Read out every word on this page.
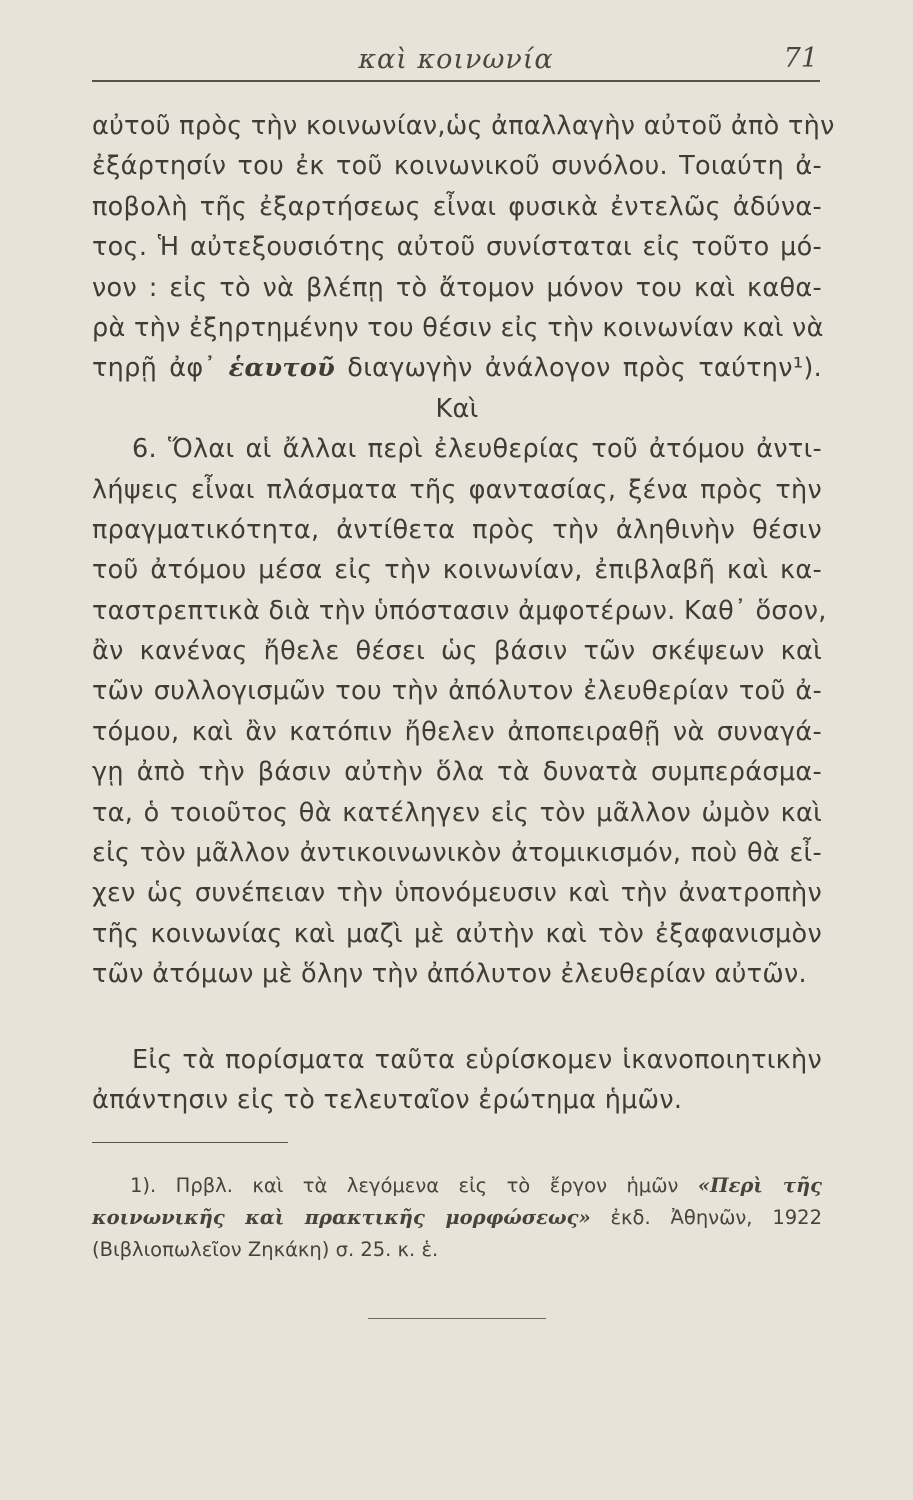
καὶ κοινωνία	71
αὐτοῦ πρὸς τὴν κοινωνίαν,ὡς ἀπαλλαγὴν αὐτοῦ ἀπὸ τὴν
ἐξάρτησίν του ἐκ τοῦ κοινωνικοῦ συνόλου. Τοιαύτη ἀ-
ποβολὴ τῆς ἐξαρτήσεως εἶναι φυσικὰ ἐντελῶς ἀδύνα-
τος. Ἡ αὐτεξουσιότης αὐτοῦ συνίσταται εἰς τοῦτο μό-
νον : εἰς τὸ νὰ βλέπῃ τὸ ἄτομον μόνον του καὶ καθα-
ρὰ τὴν ἐξηρτημένην του θέσιν εἰς τὴν κοινωνίαν καὶ νὰ
τηρῇ ἀφ᾽ ἑαυτοῦ διαγωγὴν ἀνάλογον πρὸς ταύτην¹).
Καὶ
6. Ὅλαι αἱ ἄλλαι περὶ ἐλευθερίας τοῦ ἀτόμου ἀντι-
λήψεις εἶναι πλάσματα τῆς φαντασίας, ξένα πρὸς τὴν
πραγματικότητα, ἀντίθετα πρὸς τὴν ἀληθινὴν θέσιν
τοῦ ἀτόμου μέσα εἰς τὴν κοινωνίαν, ἐπιβλαβῆ καὶ κα-
ταστρεπτικὰ διὰ τὴν ὑπόστασιν ἀμφοτέρων. Καθ᾽ ὅσον,
ἂν κανένας ἤθελε θέσει ὡς βάσιν τῶν σκέψεων καὶ
τῶν συλλογισμῶν του τὴν ἀπόλυτον ἐλευθερίαν τοῦ ἀ-
τόμου, καὶ ἂν κατόπιν ἤθελεν ἀποπειραθῇ νὰ συναγά-
γῃ ἀπὸ τὴν βάσιν αὐτὴν ὅλα τὰ δυνατὰ συμπεράσμα-
τα, ὁ τοιοῦτος θὰ κατέληγεν εἰς τὸν μᾶλλον ὠμὸν καὶ
εἰς τὸν μᾶλλον ἀντικοινωνικὸν ἀτομικισμόν, ποὺ θὰ εἶ-
χεν ὡς συνέπειαν τὴν ὑπονόμευσιν καὶ τὴν ἀνατροπὴν
τῆς κοινωνίας καὶ μαζὶ μὲ αὐτὴν καὶ τὸν ἐξαφανισμὸν
τῶν ἀτόμων μὲ ὅλην τὴν ἀπόλυτον ἐλευθερίαν αὐτῶν.
Εἰς τὰ πορίσματα ταῦτα εὑρίσκομεν ἱκανοποιητικὴν
ἀπάντησιν εἰς τὸ τελευταῖον ἐρώτημα ἡμῶν.
1). Πρβλ. καὶ τὰ λεγόμενα εἰς τὸ ἔργον ἡμῶν «Περὶ τῆς
κοινωνικῆς καὶ πρακτικῆς μορφώσεως» ἐκδ. Ἀθηνῶν, 1922
(Βιβλιοπωλεῖον Ζηκάκη) σ. 25. κ. ἑ.
